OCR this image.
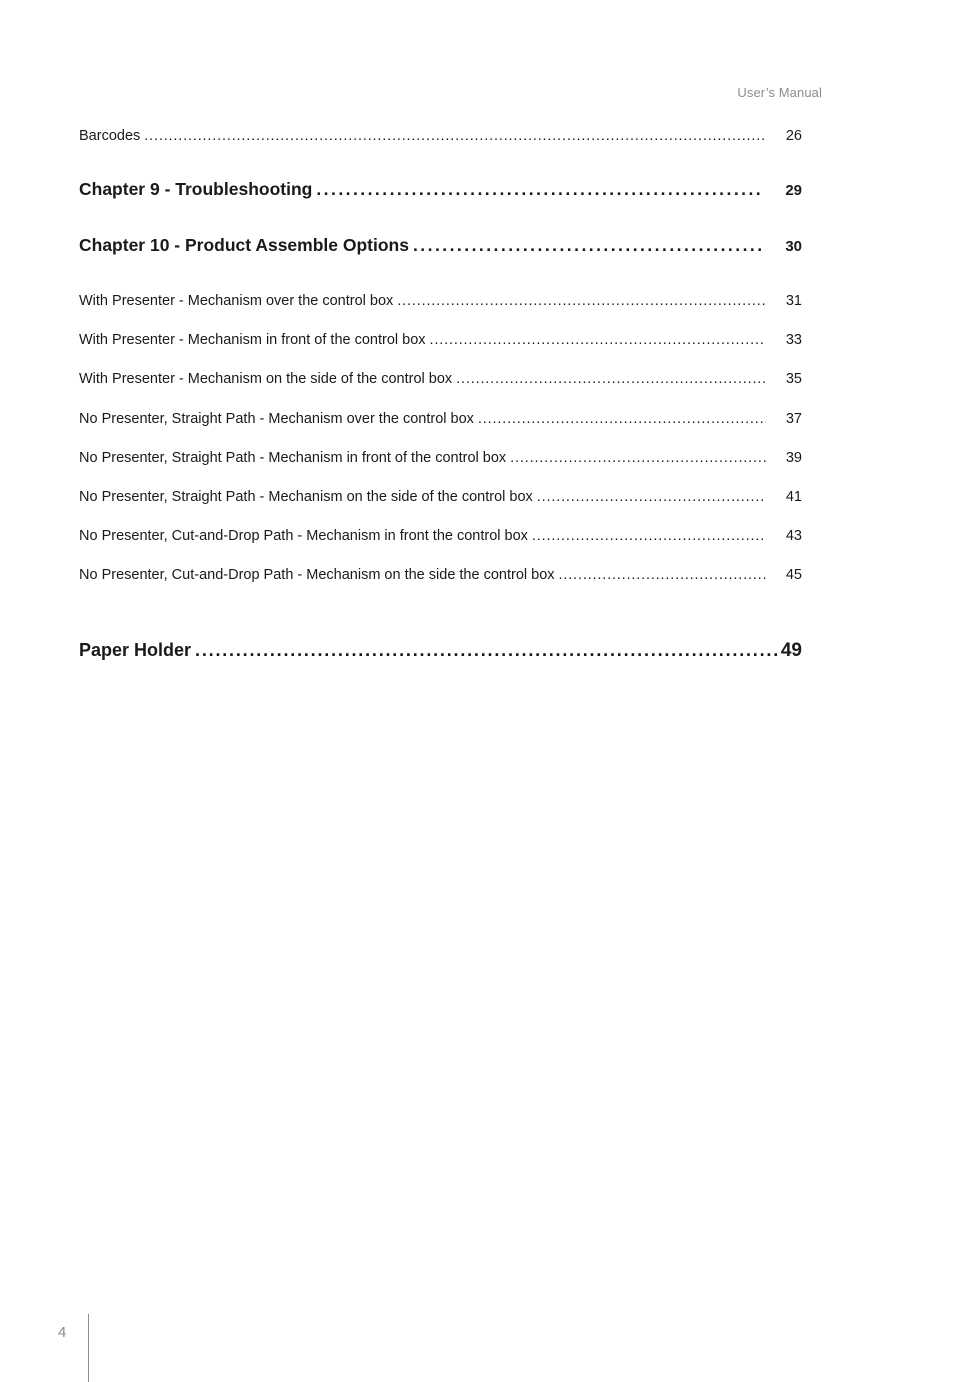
User’s Manual
Barcodes . . .	26
Chapter 9 - Troubleshooting . . .	29
Chapter 10 - Product Assemble Options . . .	30
With Presenter - Mechanism over the control box . . .	31
With Presenter - Mechanism in front of the control box . . .	33
With Presenter - Mechanism on the side of the control box . . .	35
No Presenter, Straight Path - Mechanism over the control box . . .	37
No Presenter, Straight Path - Mechanism in front of the control box . . .	39
No Presenter, Straight Path - Mechanism on the side of the control box . . .	41
No Presenter, Cut-and-Drop Path - Mechanism in front the control box . . .	43
No Presenter, Cut-and-Drop Path - Mechanism on the side the control box . . .	45
Paper Holder . . .	49
4
